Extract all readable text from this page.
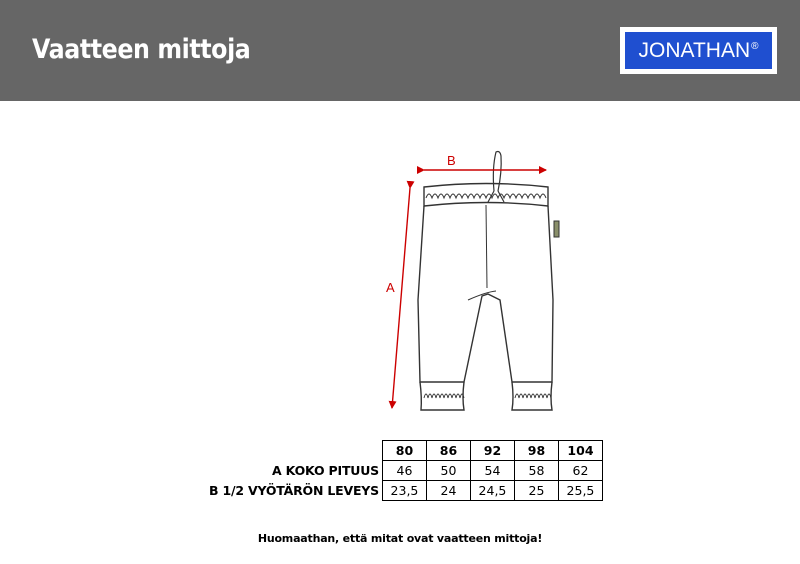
Vaatteen mittoja	JONATHAN®
B
A
	80	86	92	98	104
A KOKO PITUUS	46	50	54	58	62
B 1/2 VYÖTÄRÖN LEVEYS	23,5	24	24,5	25	25,5
Huomaathan, että mitat ovat vaatteen mittoja!
